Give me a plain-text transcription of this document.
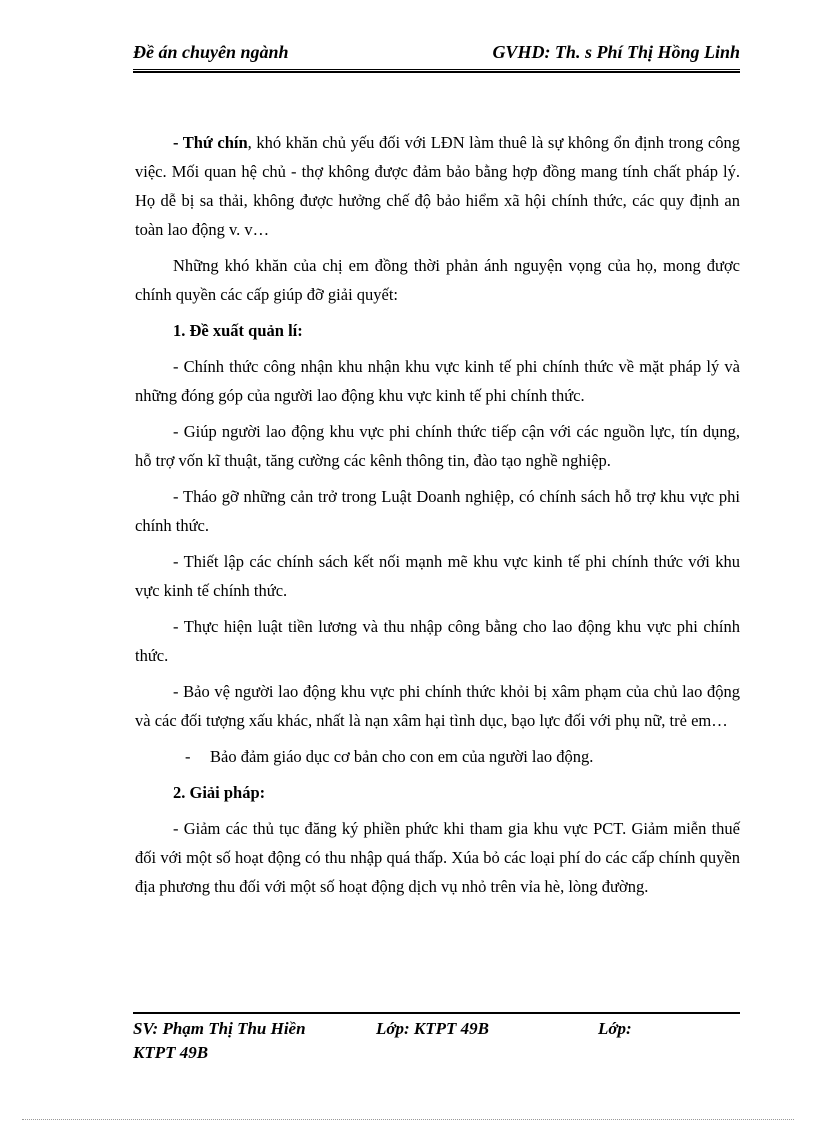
Đề án chuyên ngành	GVHD: Th. s Phí Thị Hồng Linh

- Thứ chín, khó khăn chủ yếu đối với LĐN làm thuê là sự không ổn định trong công việc. Mối quan hệ chủ - thợ không được đảm bảo bằng hợp đồng mang tính chất pháp lý. Họ dễ bị sa thải, không được hưởng chế độ bảo hiểm xã hội chính thức, các quy định an toàn lao động v. v…

Những khó khăn của chị em đồng thời phản ánh nguyện vọng của họ, mong được chính quyền các cấp giúp đỡ giải quyết:

1. Đề xuất quản lí:

- Chính thức công nhận khu nhận khu vực kinh tế phi chính thức về mặt pháp lý và những đóng góp của người lao động khu vực kinh tế phi chính thức.

- Giúp người lao động khu vực phi chính thức tiếp cận với các nguồn lực, tín dụng, hỗ trợ vốn kĩ thuật, tăng cường các kênh thông tin, đào tạo nghề nghiệp.

- Tháo gỡ những cản trở trong Luật Doanh nghiệp, có chính sách hỗ trợ khu vực phi chính thức.

- Thiết lập các chính sách kết nối mạnh mẽ khu vực kinh tế phi chính thức với khu vực kinh tế chính thức.

- Thực hiện luật tiền lương và thu nhập công bằng cho lao động khu vực phi chính thức.

- Bảo vệ người lao động khu vực phi chính thức khỏi bị xâm phạm của chủ lao động và các đối tượng xấu khác, nhất là nạn xâm hại tình dục, bạo lực đối với phụ nữ, trẻ em…

- Bảo đảm giáo dục cơ bản cho con em của người lao động.

2. Giải pháp:

- Giảm các thủ tục đăng ký phiền phức khi tham gia khu vực PCT. Giảm miễn thuế đối với một số hoạt động có thu nhập quá thấp. Xúa bỏ các loại phí do các cấp chính quyền địa phương thu đối với một số hoạt động dịch vụ nhỏ trên vỉa hè, lòng đường.

SV: Phạm Thị Thu Hiền	Lớp: KTPT 49B	Lớp:
KTPT 49B
